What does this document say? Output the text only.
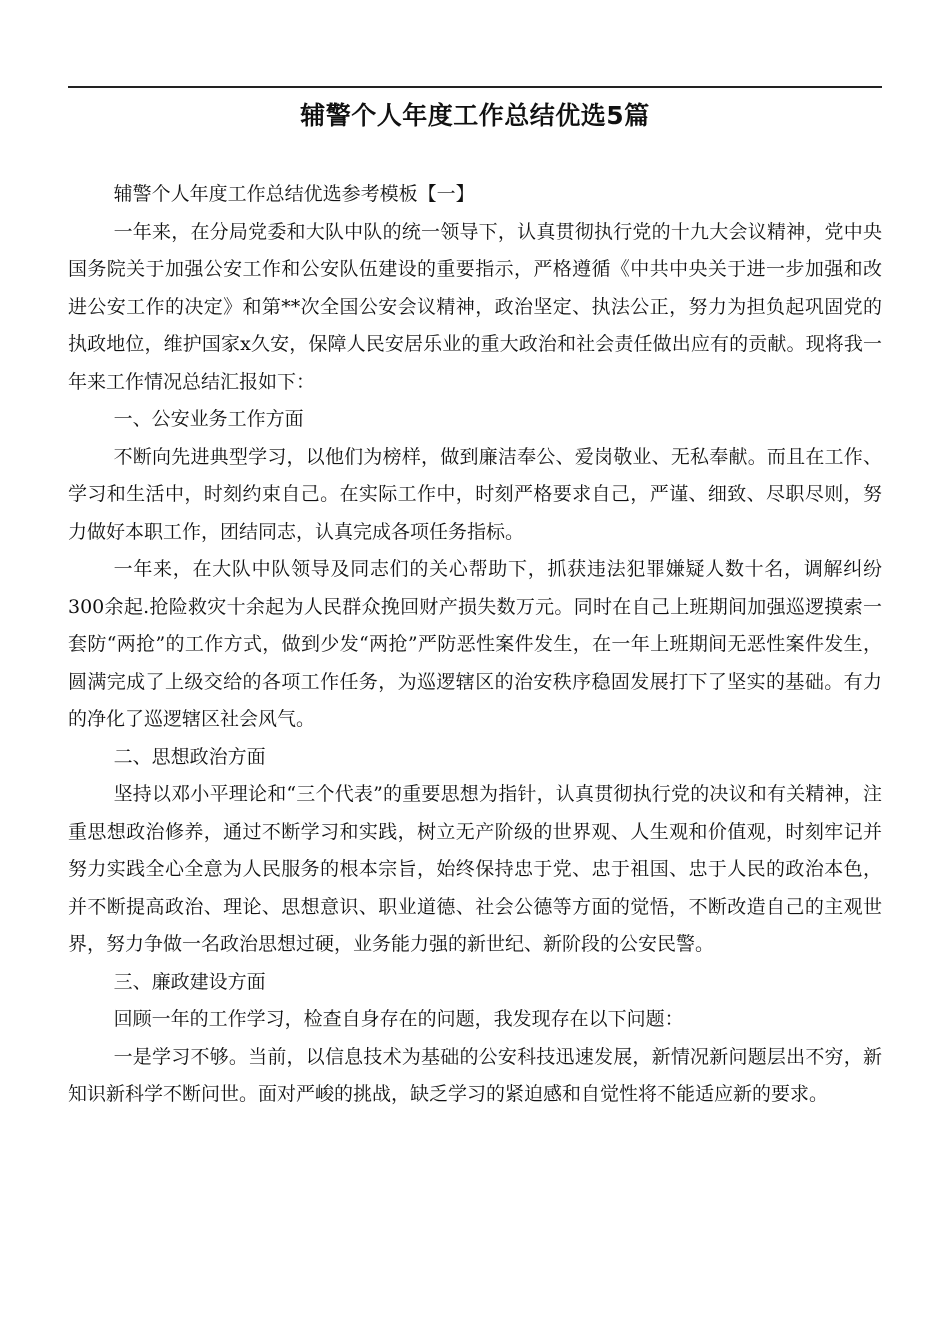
辅警个人年度工作总结优选5篇

辅警个人年度工作总结优选参考模板【一】

一年来，在分局党委和大队中队的统一领导下，认真贯彻执行党的十九大会议精神，党中央国务院关于加强公安工作和公安队伍建设的重要指示，严格遵循《中共中央关于进一步加强和改进公安工作的决定》和第**次全国公安会议精神，政治坚定、执法公正，努力为担负起巩固党的执政地位，维护国家x久安，保障人民安居乐业的重大政治和社会责任做出应有的贡献。现将我一年来工作情况总结汇报如下：

一、公安业务工作方面

不断向先进典型学习，以他们为榜样，做到廉洁奉公、爱岗敬业、无私奉献。而且在工作、学习和生活中，时刻约束自己。在实际工作中，时刻严格要求自己，严谨、细致、尽职尽则，努力做好本职工作，团结同志，认真完成各项任务指标。

一年来，在大队中队领导及同志们的关心帮助下，抓获违法犯罪嫌疑人数十名，调解纠纷300余起.抢险救灾十余起为人民群众挽回财产损失数万元。同时在自己上班期间加强巡逻摸索一套防“两抢”的工作方式，做到少发“两抢”严防恶性案件发生，在一年上班期间无恶性案件发生，圆满完成了上级交给的各项工作任务，为巡逻辖区的治安秩序稳固发展打下了坚实的基础。有力的净化了巡逻辖区社会风气。

二、思想政治方面

坚持以邓小平理论和“三个代表”的重要思想为指针，认真贯彻执行党的决议和有关精神，注重思想政治修养，通过不断学习和实践，树立无产阶级的世界观、人生观和价值观，时刻牢记并努力实践全心全意为人民服务的根本宗旨，始终保持忠于党、忠于祖国、忠于人民的政治本色，并不断提高政治、理论、思想意识、职业道德、社会公德等方面的觉悟，不断改造自己的主观世界，努力争做一名政治思想过硬，业务能力强的新世纪、新阶段的公安民警。

三、廉政建设方面

回顾一年的工作学习，检查自身存在的问题，我发现存在以下问题：

一是学习不够。当前，以信息技术为基础的公安科技迅速发展，新情况新问题层出不穷，新知识新科学不断问世。面对严峻的挑战，缺乏学习的紧迫感和自觉性将不能适应新的要求。
